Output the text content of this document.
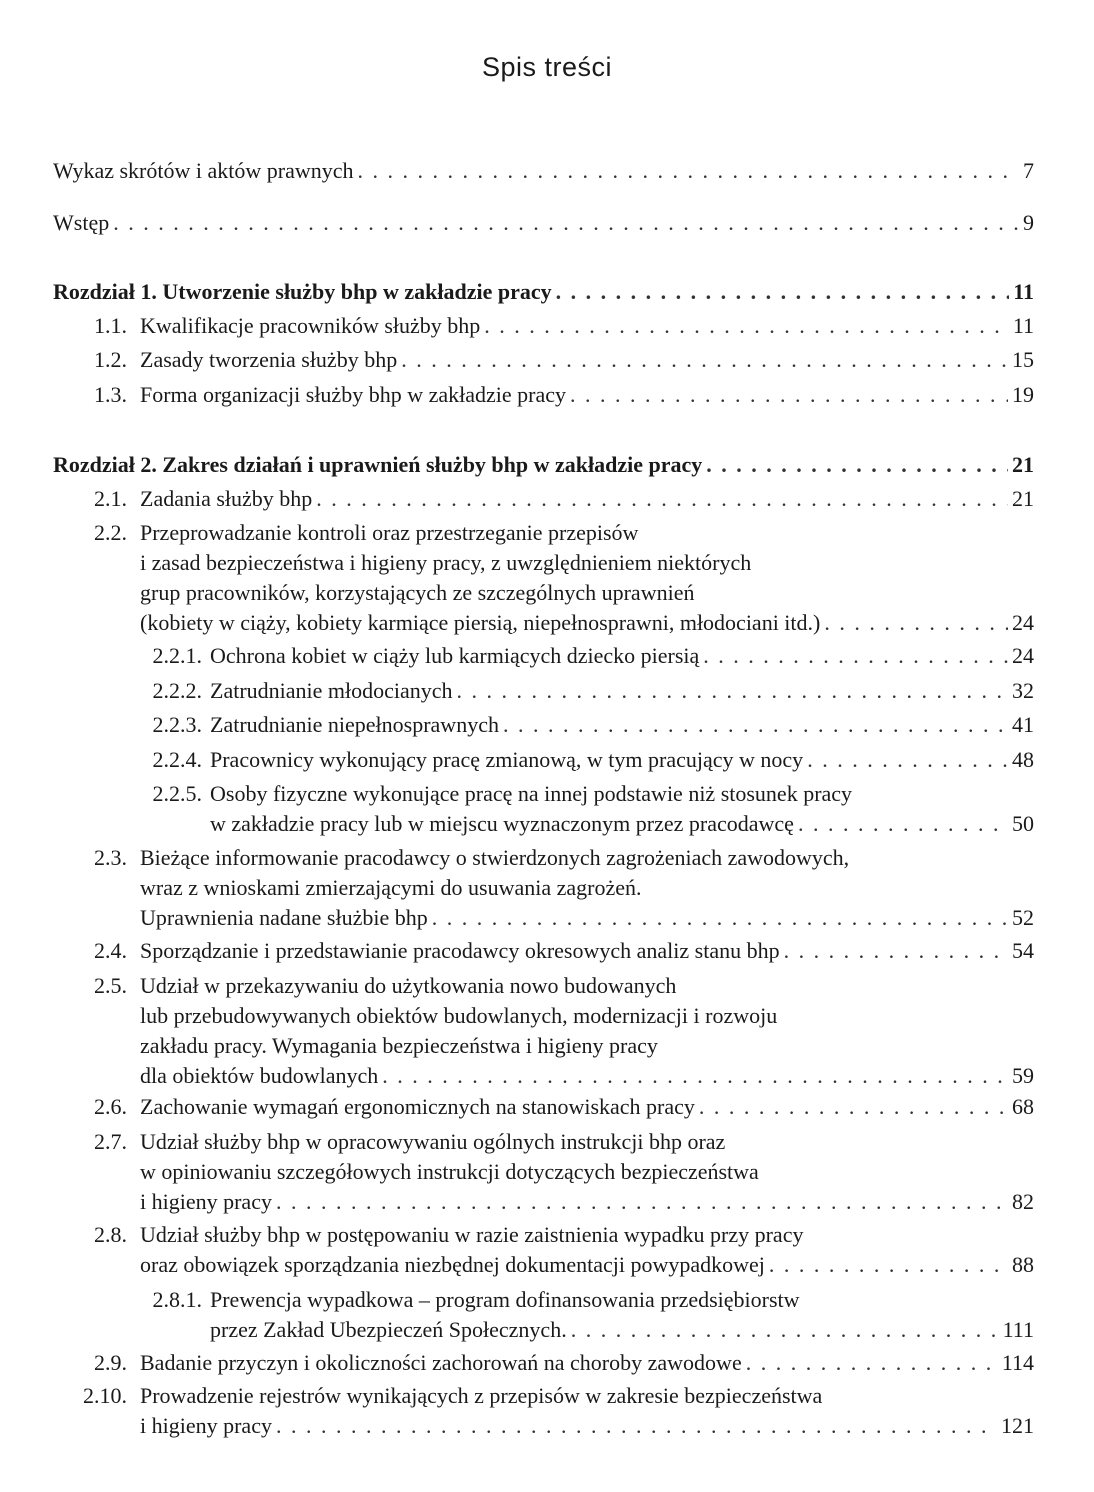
Spis treści
Wykaz skrótów i aktów prawnych . . .	7
Wstęp . . .	9
Rozdział 1. Utworzenie służby bhp w zakładzie pracy . . .	11
1.1. Kwalifikacje pracowników służby bhp . . .	11
1.2. Zasady tworzenia służby bhp . . .	15
1.3. Forma organizacji służby bhp w zakładzie pracy . . .	19
Rozdział 2. Zakres działań i uprawnień służby bhp w zakładzie pracy . . .	21
2.1. Zadania służby bhp . . .	21
2.2. Przeprowadzanie kontroli oraz przestrzeganie przepisów
i zasad bezpieczeństwa i higieny pracy, z uwzględnieniem niektórych
grup pracowników, korzystających ze szczególnych uprawnień
(kobiety w ciąży, kobiety karmiące piersią, niepełnosprawni, młodociani itd.) . . .	24
2.2.1. Ochrona kobiet w ciąży lub karmiących dziecko piersią . . .	24
2.2.2. Zatrudnianie młodocianych . . .	32
2.2.3. Zatrudnianie niepełnosprawnych . . .	41
2.2.4. Pracownicy wykonujący pracę zmianową, w tym pracujący w nocy . . .	48
2.2.5. Osoby fizyczne wykonujące pracę na innej podstawie niż stosunek pracy
w zakładzie pracy lub w miejscu wyznaczonym przez pracodawcę . . .	50
2.3. Bieżące informowanie pracodawcy o stwierdzonych zagrożeniach zawodowych,
wraz z wnioskami zmierzającymi do usuwania zagrożeń.
Uprawnienia nadane służbie bhp . . .	52
2.4. Sporządzanie i przedstawianie pracodawcy okresowych analiz stanu bhp . . .	54
2.5. Udział w przekazywaniu do użytkowania nowo budowanych
lub przebudowywanych obiektów budowlanych, modernizacji i rozwoju
zakładu pracy. Wymagania bezpieczeństwa i higieny pracy
dla obiektów budowlanych . . .	59
2.6. Zachowanie wymagań ergonomicznych na stanowiskach pracy . . .	68
2.7. Udział służby bhp w opracowywaniu ogólnych instrukcji bhp oraz
w opiniowaniu szczegółowych instrukcji dotyczących bezpieczeństwa
i higieny pracy . . .	82
2.8. Udział służby bhp w postępowaniu w razie zaistnienia wypadku przy pracy
oraz obowiązek sporządzania niezbędnej dokumentacji powypadkowej . . .	88
2.8.1. Prewencja wypadkowa – program dofinansowania przedsiębiorstw
przez Zakład Ubezpieczeń Społecznych. . . .	111
2.9. Badanie przyczyn i okoliczności zachorowań na choroby zawodowe . . .	114
2.10. Prowadzenie rejestrów wynikających z przepisów w zakresie bezpieczeństwa
i higieny pracy . . .	121
